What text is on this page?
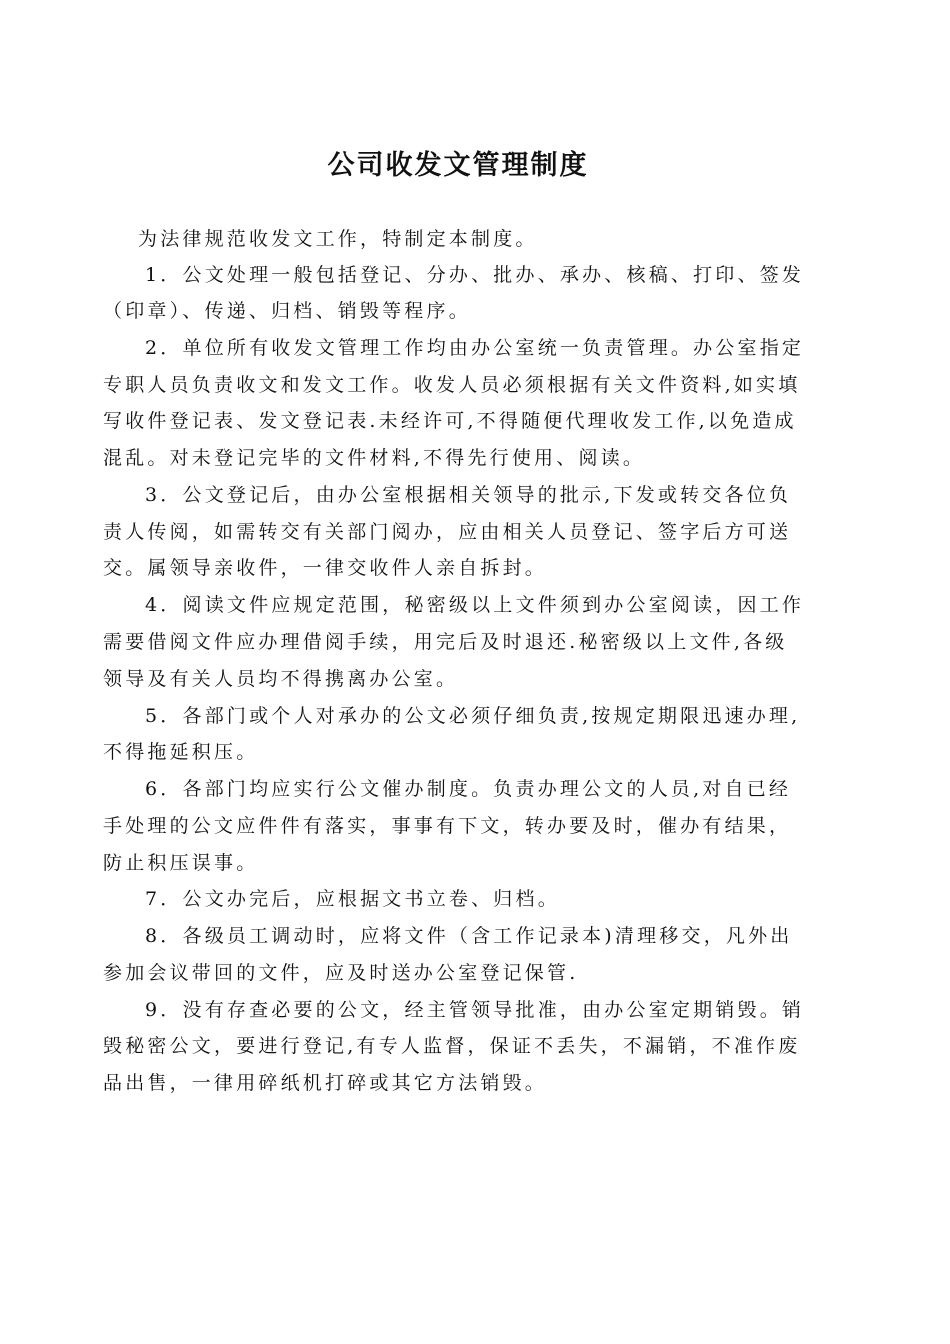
公司收发文管理制度
为法律规范收发文工作，特制定本制度。
1．公文处理一般包括登记、分办、批办、承办、核稿、打印、签发
（印章）、传递、归档、销毁等程序。
2．单位所有收发文管理工作均由办公室统一负责管理。办公室指定
专职人员负责收文和发文工作。收发人员必须根据有关文件资料,如实填
写收件登记表、发文登记表.未经许可,不得随便代理收发工作,以免造成
混乱。对未登记完毕的文件材料,不得先行使用、阅读。
3．公文登记后，由办公室根据相关领导的批示,下发或转交各位负
责人传阅，如需转交有关部门阅办，应由相关人员登记、签字后方可送
交。属领导亲收件，一律交收件人亲自拆封。
4．阅读文件应规定范围，秘密级以上文件须到办公室阅读，因工作
需要借阅文件应办理借阅手续，用完后及时退还.秘密级以上文件,各级
领导及有关人员均不得携离办公室。
5．各部门或个人对承办的公文必须仔细负责,按规定期限迅速办理,
不得拖延积压。
6．各部门均应实行公文催办制度。负责办理公文的人员,对自已经
手处理的公文应件件有落实，事事有下文，转办要及时，催办有结果，
防止积压误事。
7．公文办完后，应根据文书立卷、归档。
8．各级员工调动时，应将文件（含工作记录本)清理移交，凡外出
参加会议带回的文件，应及时送办公室登记保管.
9．没有存查必要的公文，经主管领导批准，由办公室定期销毁。销
毁秘密公文，要进行登记,有专人监督，保证不丢失，不漏销，不准作废
品出售，一律用碎纸机打碎或其它方法销毁。
